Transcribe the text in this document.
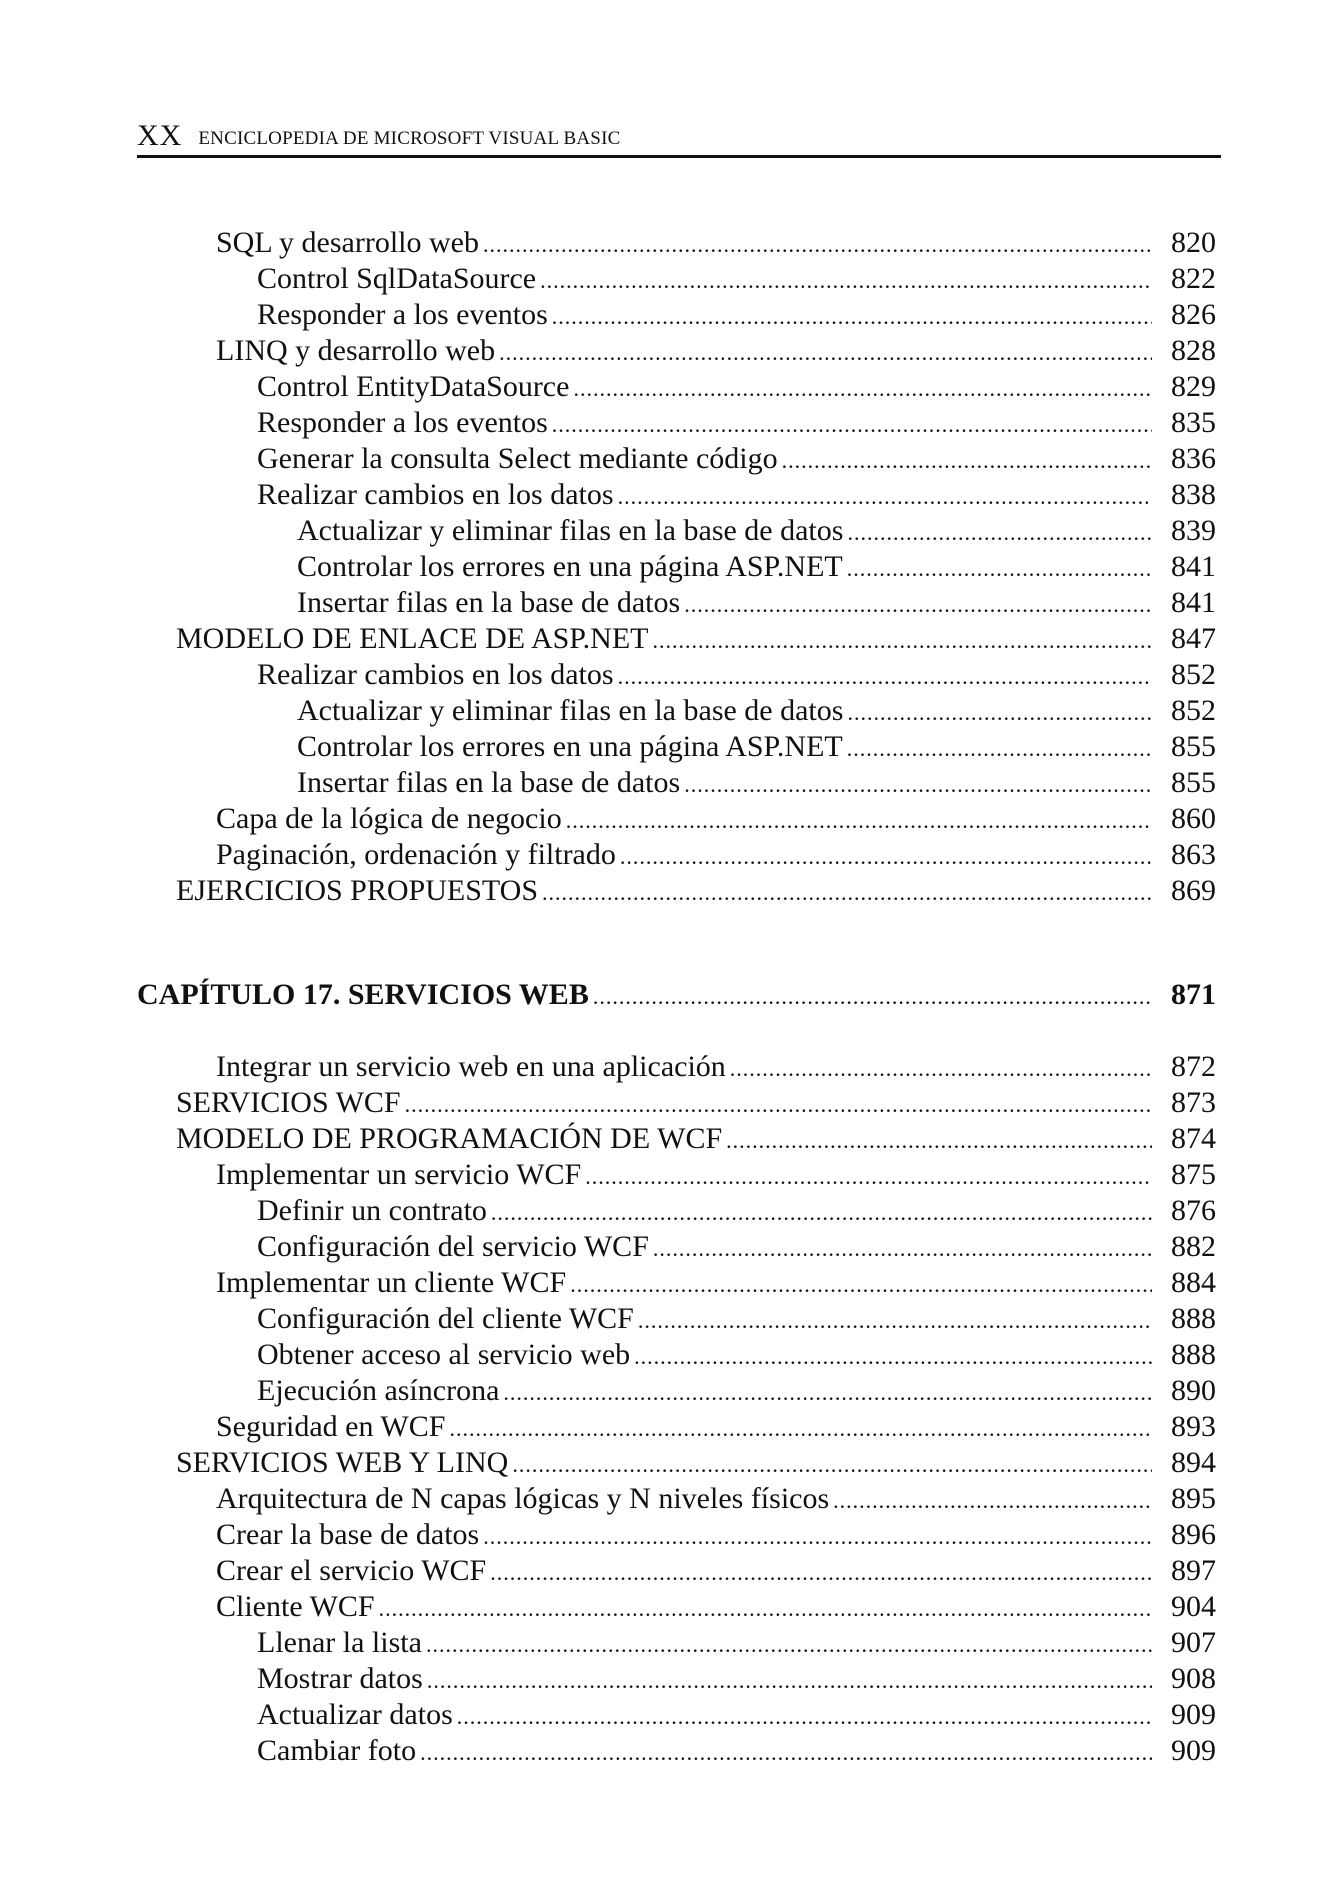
XX ENCICLOPEDIA DE MICROSOFT VISUAL BASIC
SQL y desarrollo web .....	820
Control SqlDataSource .....	822
Responder a los eventos .....	826
LINQ y desarrollo web .....	828
Control EntityDataSource .....	829
Responder a los eventos .....	835
Generar la consulta Select mediante código .....	836
Realizar cambios en los datos .....	838
Actualizar y eliminar filas en la base de datos .....	839
Controlar los errores en una página ASP.NET .....	841
Insertar filas en la base de datos .....	841
MODELO DE ENLACE DE ASP.NET .....	847
Realizar cambios en los datos .....	852
Actualizar y eliminar filas en la base de datos .....	852
Controlar los errores en una página ASP.NET .....	855
Insertar filas en la base de datos .....	855
Capa de la lógica de negocio .....	860
Paginación, ordenación y filtrado .....	863
EJERCICIOS PROPUESTOS .....	869
CAPÍTULO 17. SERVICIOS WEB .....	871
Integrar un servicio web en una aplicación .....	872
SERVICIOS WCF .....	873
MODELO DE PROGRAMACIÓN DE WCF .....	874
Implementar un servicio WCF .....	875
Definir un contrato .....	876
Configuración del servicio WCF .....	882
Implementar un cliente WCF .....	884
Configuración del cliente WCF .....	888
Obtener acceso al servicio web .....	888
Ejecución asíncrona .....	890
Seguridad en WCF .....	893
SERVICIOS WEB Y LINQ .....	894
Arquitectura de N capas lógicas y N niveles físicos .....	895
Crear la base de datos .....	896
Crear el servicio WCF .....	897
Cliente WCF .....	904
Llenar la lista .....	907
Mostrar datos .....	908
Actualizar datos .....	909
Cambiar foto .....	909
